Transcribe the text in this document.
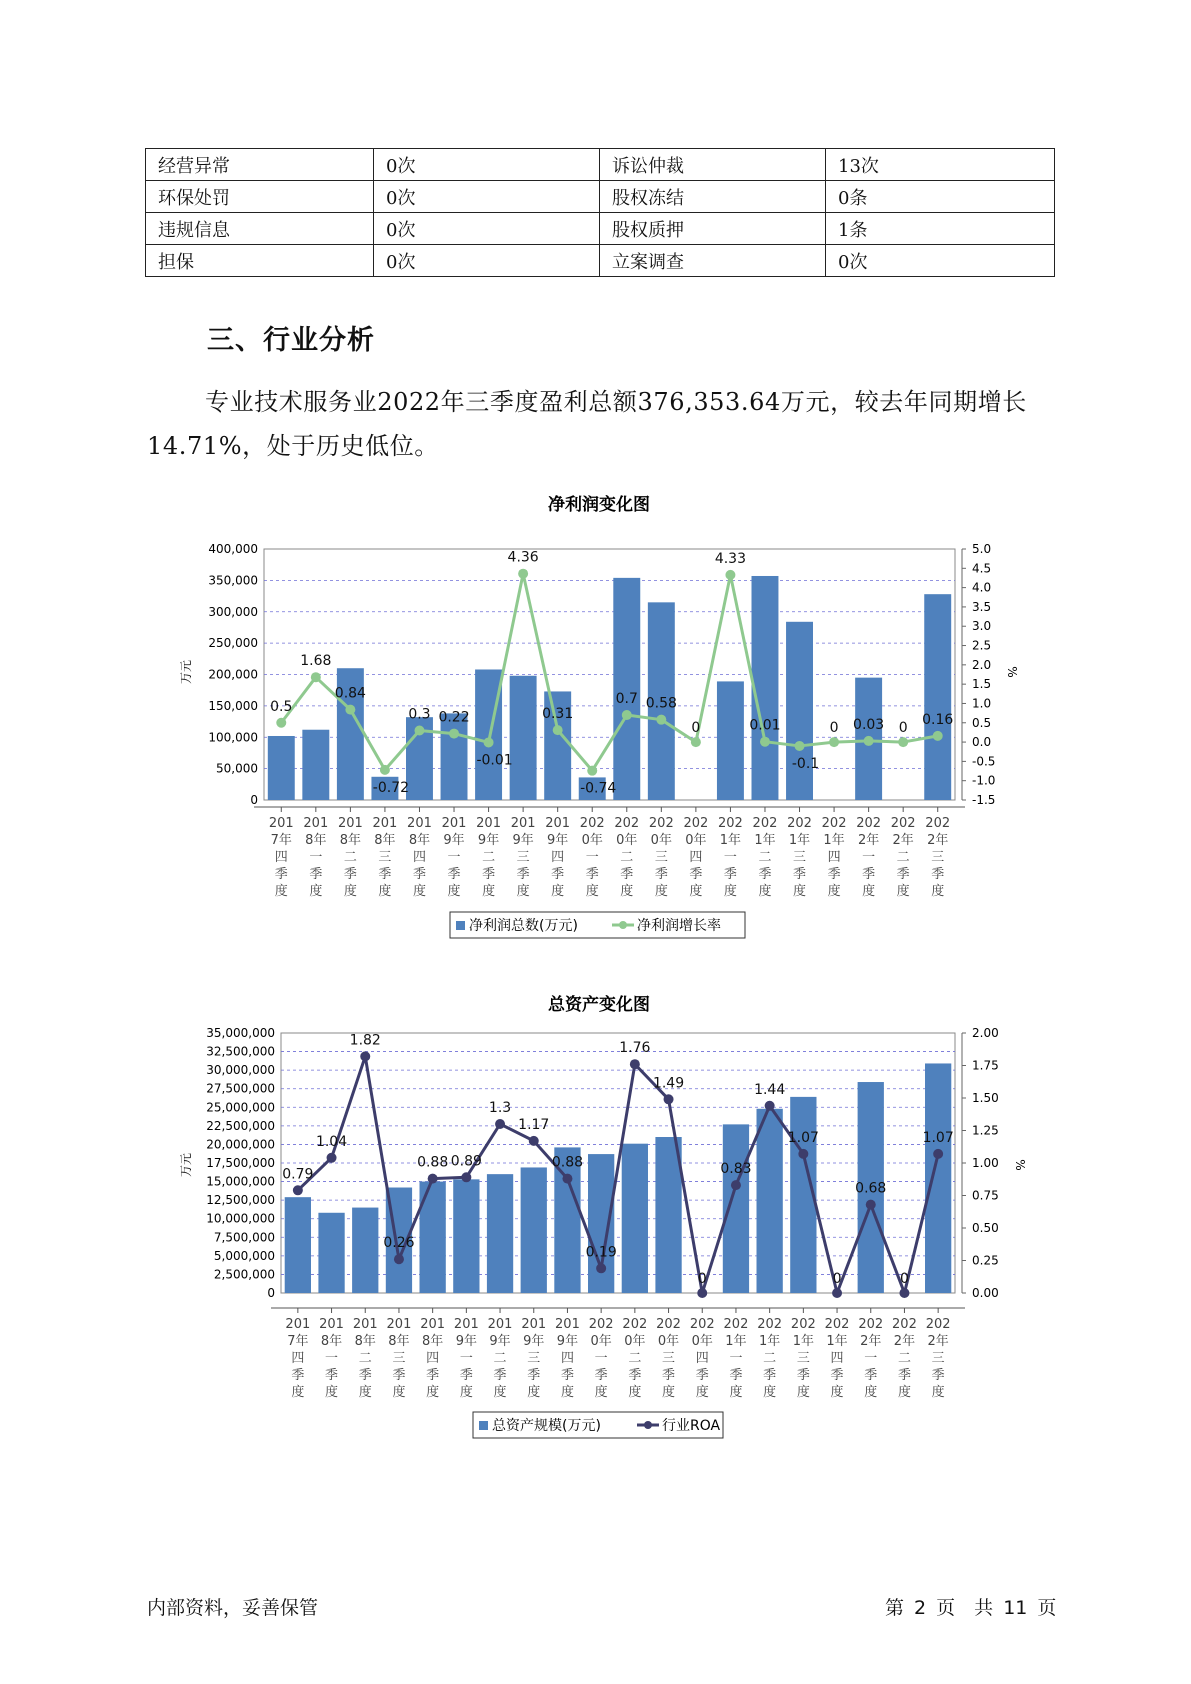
经营异常	0次	诉讼仲裁	13次
环保处罚	0次	股权冻结	0条
违规信息	0次	股权质押	1条
担保	0次	立案调查	0次
三、行业分析

专业技术服务业2022年三季度盈利总额376,353.64万元，较去年同期增长14.71%，处于历史低位。

净利润变化图
0
50,000
100,000
150,000
200,000
250,000
300,000
350,000
400,000
-1.5
-1.0
-0.5
0.0
0.5
1.0
1.5
2.0
2.5
3.0
3.5
4.0
4.5
5.0
万元	%
201 7年四季度
201 8年一季度
201 8年二季度
201 8年三季度
201 8年四季度
201 9年一季度
201 9年二季度
201 9年三季度
201 9年四季度
202 0年一季度
202 0年二季度
202 0年三季度
202 0年四季度
202 1年一季度
202 1年二季度
202 1年三季度
202 1年四季度
202 2年一季度
202 2年二季度
202 2年三季度
0.5
1.68
0.84
-0.72
0.3 0.22
-0.01
4.36
0.31
-0.74
0.7 0.58
0
4.33
0.01
-0.1
0 0.03 0
0.16
净利润总数(万元)	净利润增长率
总资产变化图
0
2,500,000
5,000,000
7,500,000
10,000,000
12,500,000
15,000,000
17,500,000
20,000,000
22,500,000
25,000,000
27,500,000
30,000,000
32,500,000
35,000,000
0.00
0.25
0.50
0.75
1.00
1.25
1.50
1.75
2.00
万元	%
201 7年四季度
201 8年一季度
201 8年二季度
201 8年三季度
201 8年四季度
201 9年一季度
201 9年二季度
201 9年三季度
201 9年四季度
202 0年一季度
202 0年二季度
202 0年三季度
202 0年四季度
202 1年一季度
202 1年二季度
202 1年三季度
202 1年四季度
202 2年一季度
202 2年二季度
202 2年三季度
0.79
1.04
1.82
0.26
0.88 0.89
1.3
1.17
0.88
0.19
1.76
1.49
0
0.83
1.44
1.07
0
0.68
0
1.07
总资产规模(万元)	行业ROA
内部资料，妥善保管	第 2 页　共 11 页
